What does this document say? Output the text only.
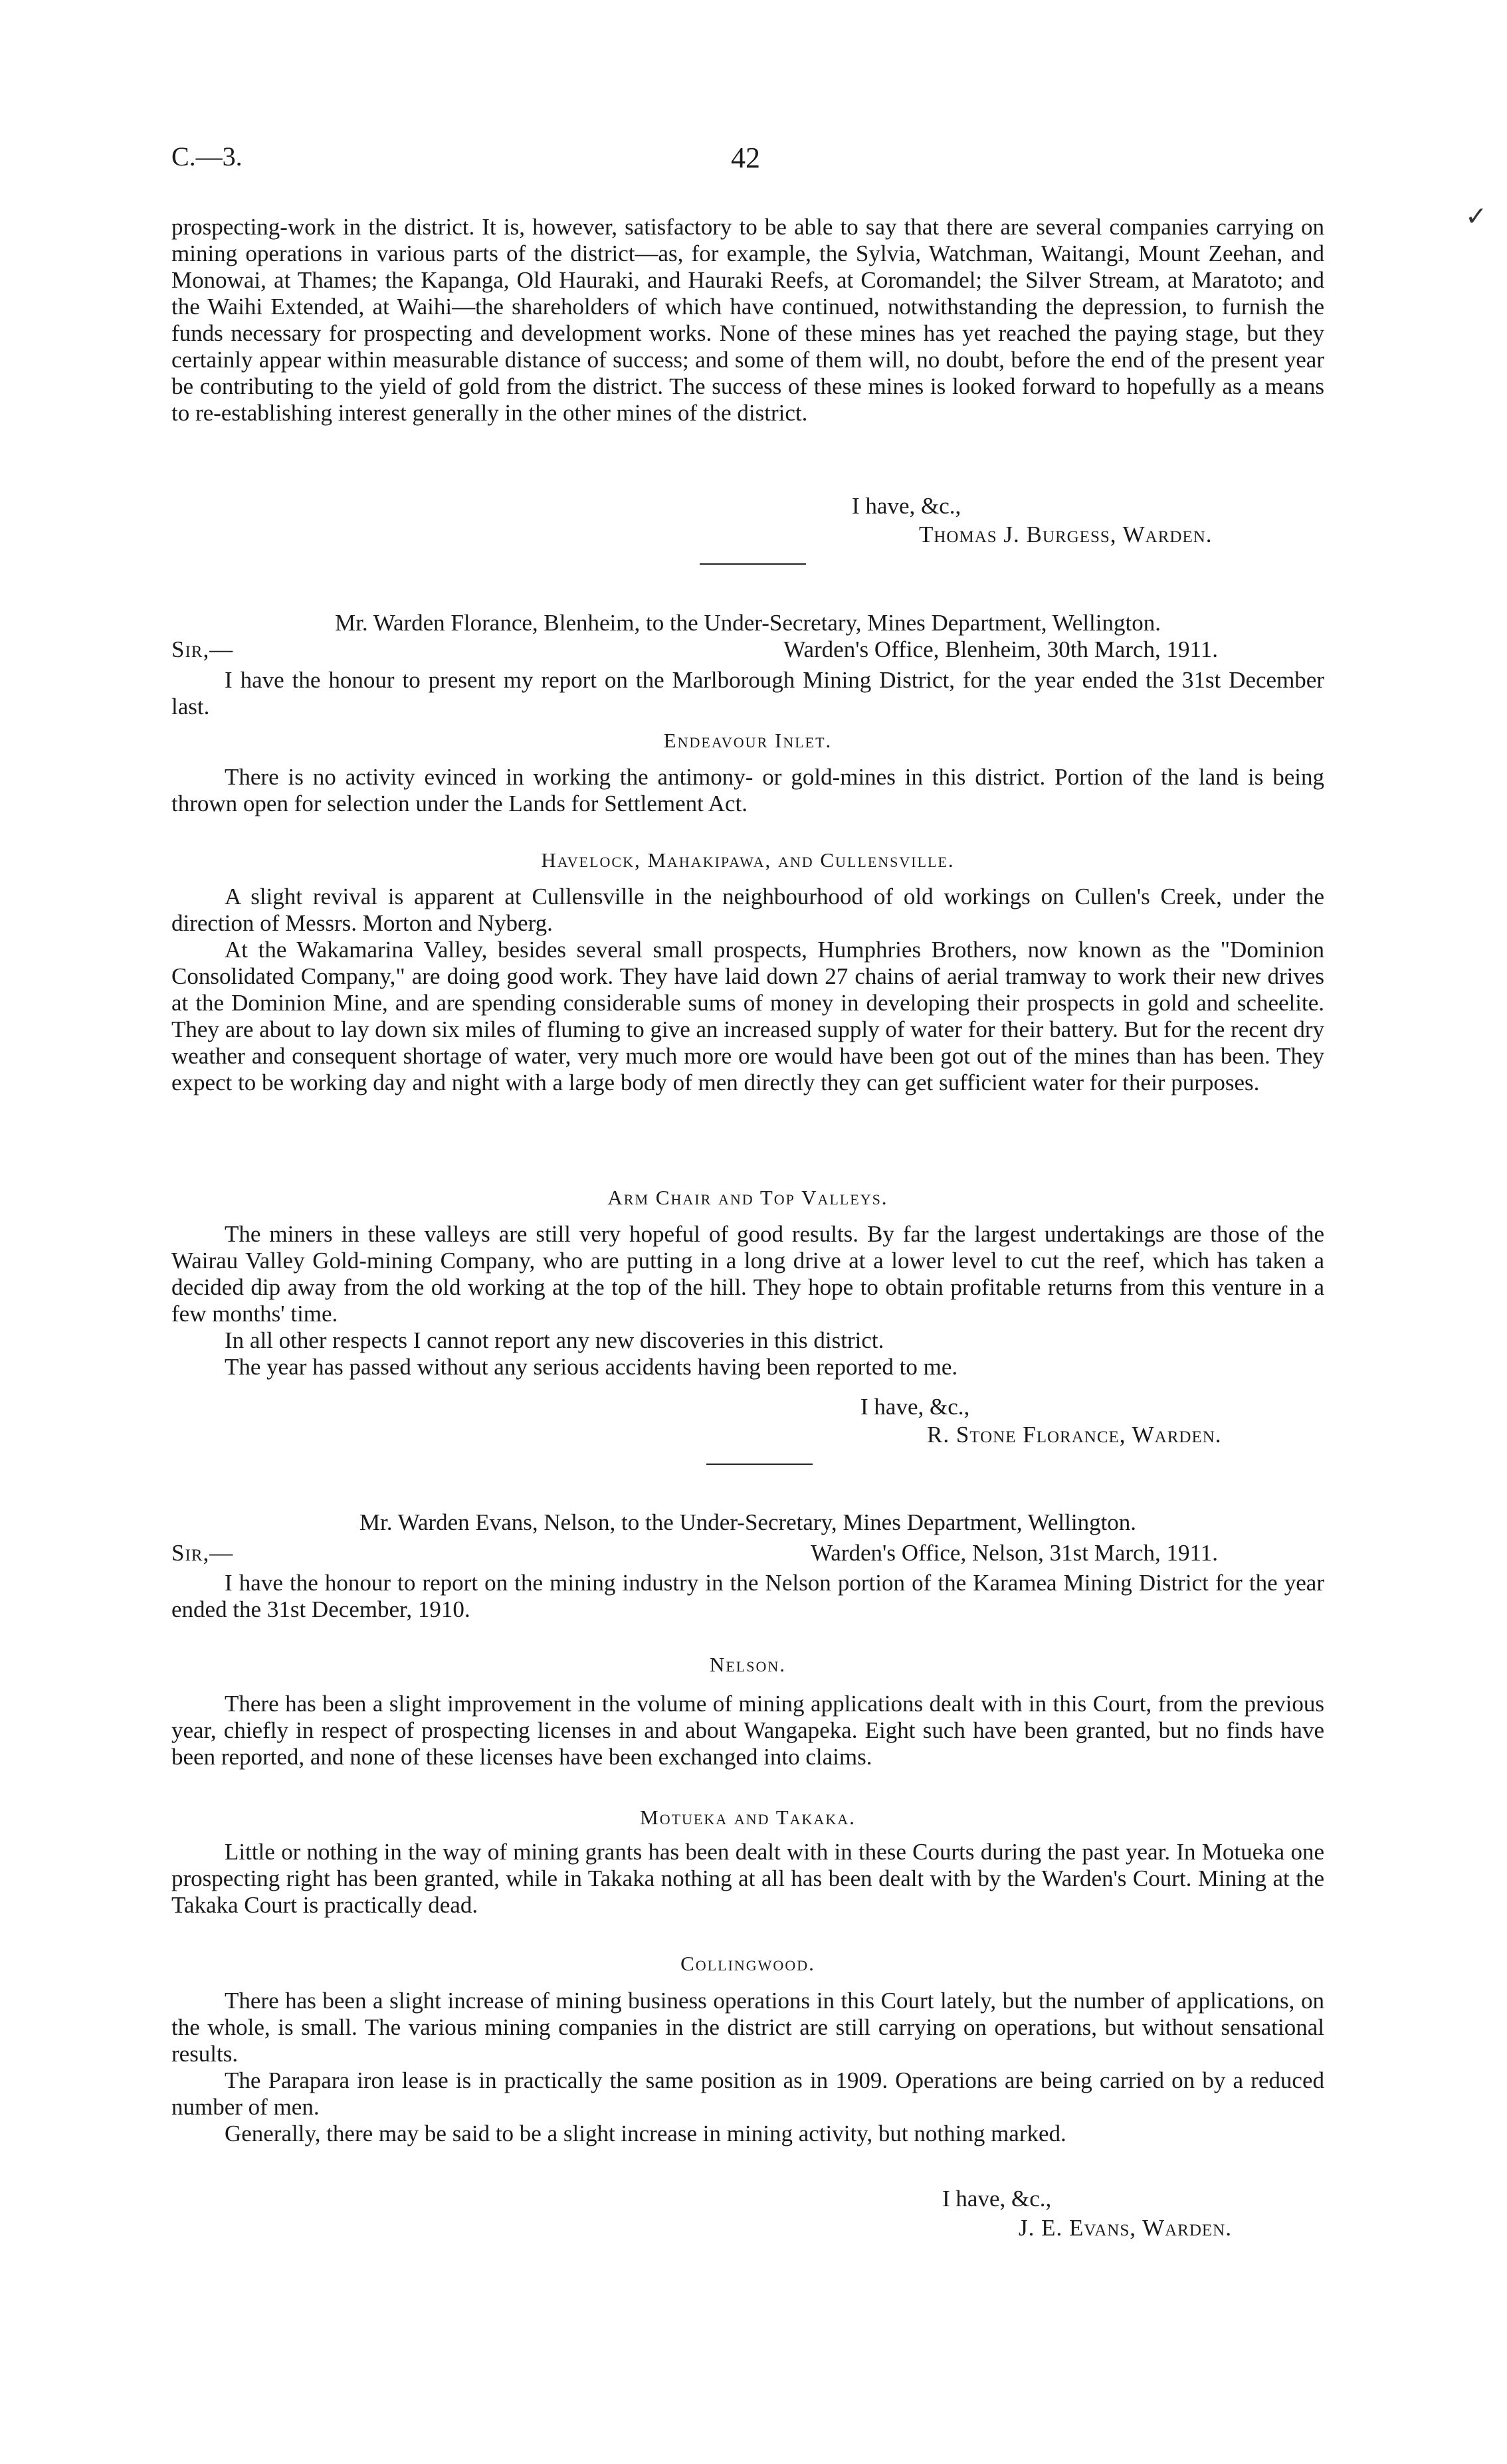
C.—3.	42
✓

prospecting-work in the district. It is, however, satisfactory to be able to say that there are several companies carrying on mining operations in various parts of the district—as, for example, the Sylvia, Watchman, Waitangi, Mount Zeehan, and Monowai, at Thames; the Kapanga, Old Hauraki, and Hauraki Reefs, at Coromandel; the Silver Stream, at Maratoto; and the Waihi Extended, at Waihi—the shareholders of which have continued, notwithstanding the depression, to furnish the funds necessary for prospecting and development works. None of these mines has yet reached the paying stage, but they certainly appear within measurable distance of success; and some of them will, no doubt, before the end of the present year be contributing to the yield of gold from the district. The success of these mines is looked forward to hopefully as a means to re-establishing interest generally in the other mines of the district.

I have, &c.,
Thomas J. Burgess, Warden.
Mr. Warden Florance, Blenheim, to the Under-Secretary, Mines Department, Wellington.
Sir,—	Warden's Office, Blenheim, 30th March, 1911.

I have the honour to present my report on the Marlborough Mining District, for the year ended the 31st December last.

Endeavour Inlet.

There is no activity evinced in working the antimony- or gold-mines in this district. Portion of the land is being thrown open for selection under the Lands for Settlement Act.

Havelock, Mahakipawa, and Cullensville.

A slight revival is apparent at Cullensville in the neighbourhood of old workings on Cullen's Creek, under the direction of Messrs. Morton and Nyberg.

At the Wakamarina Valley, besides several small prospects, Humphries Brothers, now known as the "Dominion Consolidated Company," are doing good work. They have laid down 27 chains of aerial tramway to work their new drives at the Dominion Mine, and are spending considerable sums of money in developing their prospects in gold and scheelite. They are about to lay down six miles of fluming to give an increased supply of water for their battery. But for the recent dry weather and consequent shortage of water, very much more ore would have been got out of the mines than has been. They expect to be working day and night with a large body of men directly they can get sufficient water for their purposes.

Arm Chair and Top Valleys.

The miners in these valleys are still very hopeful of good results. By far the largest undertakings are those of the Wairau Valley Gold-mining Company, who are putting in a long drive at a lower level to cut the reef, which has taken a decided dip away from the old working at the top of the hill. They hope to obtain profitable returns from this venture in a few months' time.

In all other respects I cannot report any new discoveries in this district.

The year has passed without any serious accidents having been reported to me.

I have, &c.,
R. Stone Florance, Warden.
Mr. Warden Evans, Nelson, to the Under-Secretary, Mines Department, Wellington.
Sir,—	Warden's Office, Nelson, 31st March, 1911.

I have the honour to report on the mining industry in the Nelson portion of the Karamea Mining District for the year ended the 31st December, 1910.

Nelson.

There has been a slight improvement in the volume of mining applications dealt with in this Court, from the previous year, chiefly in respect of prospecting licenses in and about Wangapeka. Eight such have been granted, but no finds have been reported, and none of these licenses have been exchanged into claims.

Motueka and Takaka.

Little or nothing in the way of mining grants has been dealt with in these Courts during the past year. In Motueka one prospecting right has been granted, while in Takaka nothing at all has been dealt with by the Warden's Court. Mining at the Takaka Court is practically dead.

Collingwood.

There has been a slight increase of mining business operations in this Court lately, but the number of applications, on the whole, is small. The various mining companies in the district are still carrying on operations, but without sensational results.

The Parapara iron lease is in practically the same position as in 1909. Operations are being carried on by a reduced number of men.

Generally, there may be said to be a slight increase in mining activity, but nothing marked.

I have, &c.,
J. E. Evans, Warden.
